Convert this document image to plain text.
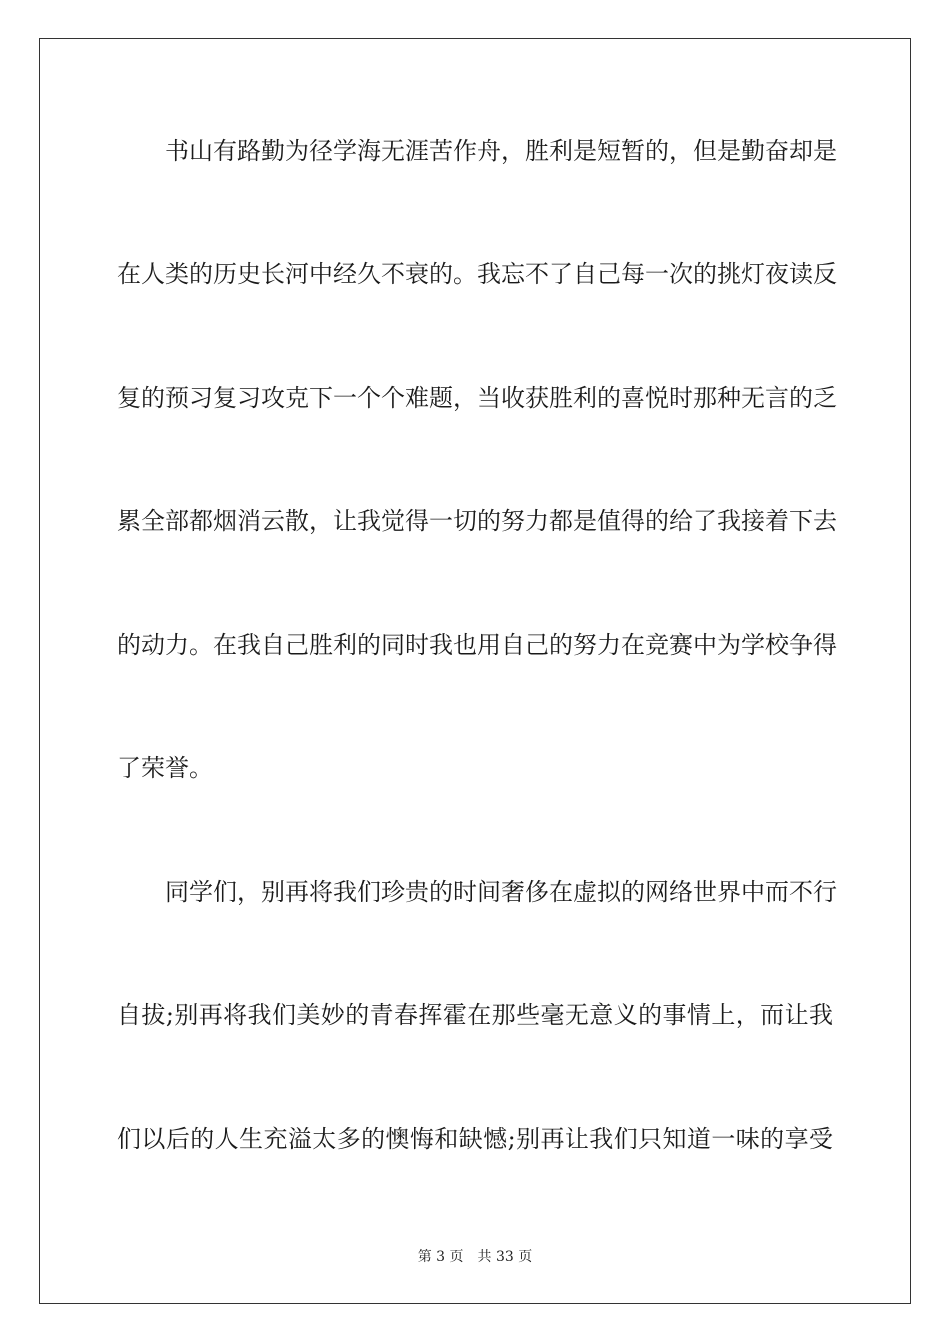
书山有路勤为径学海无涯苦作舟，胜利是短暂的，但是勤奋却是
在人类的历史长河中经久不衰的。我忘不了自己每一次的挑灯夜读反
复的预习复习攻克下一个个难题，当收获胜利的喜悦时那种无言的乏
累全部都烟消云散，让我觉得一切的努力都是值得的给了我接着下去
的动力。在我自己胜利的同时我也用自己的努力在竞赛中为学校争得
了荣誉。
同学们，别再将我们珍贵的时间奢侈在虚拟的网络世界中而不行
自拔;别再将我们美妙的青春挥霍在那些毫无意义的事情上，而让我
们以后的人生充溢太多的懊悔和缺憾;别再让我们只知道一味的享受
第 3 页 共 33 页
